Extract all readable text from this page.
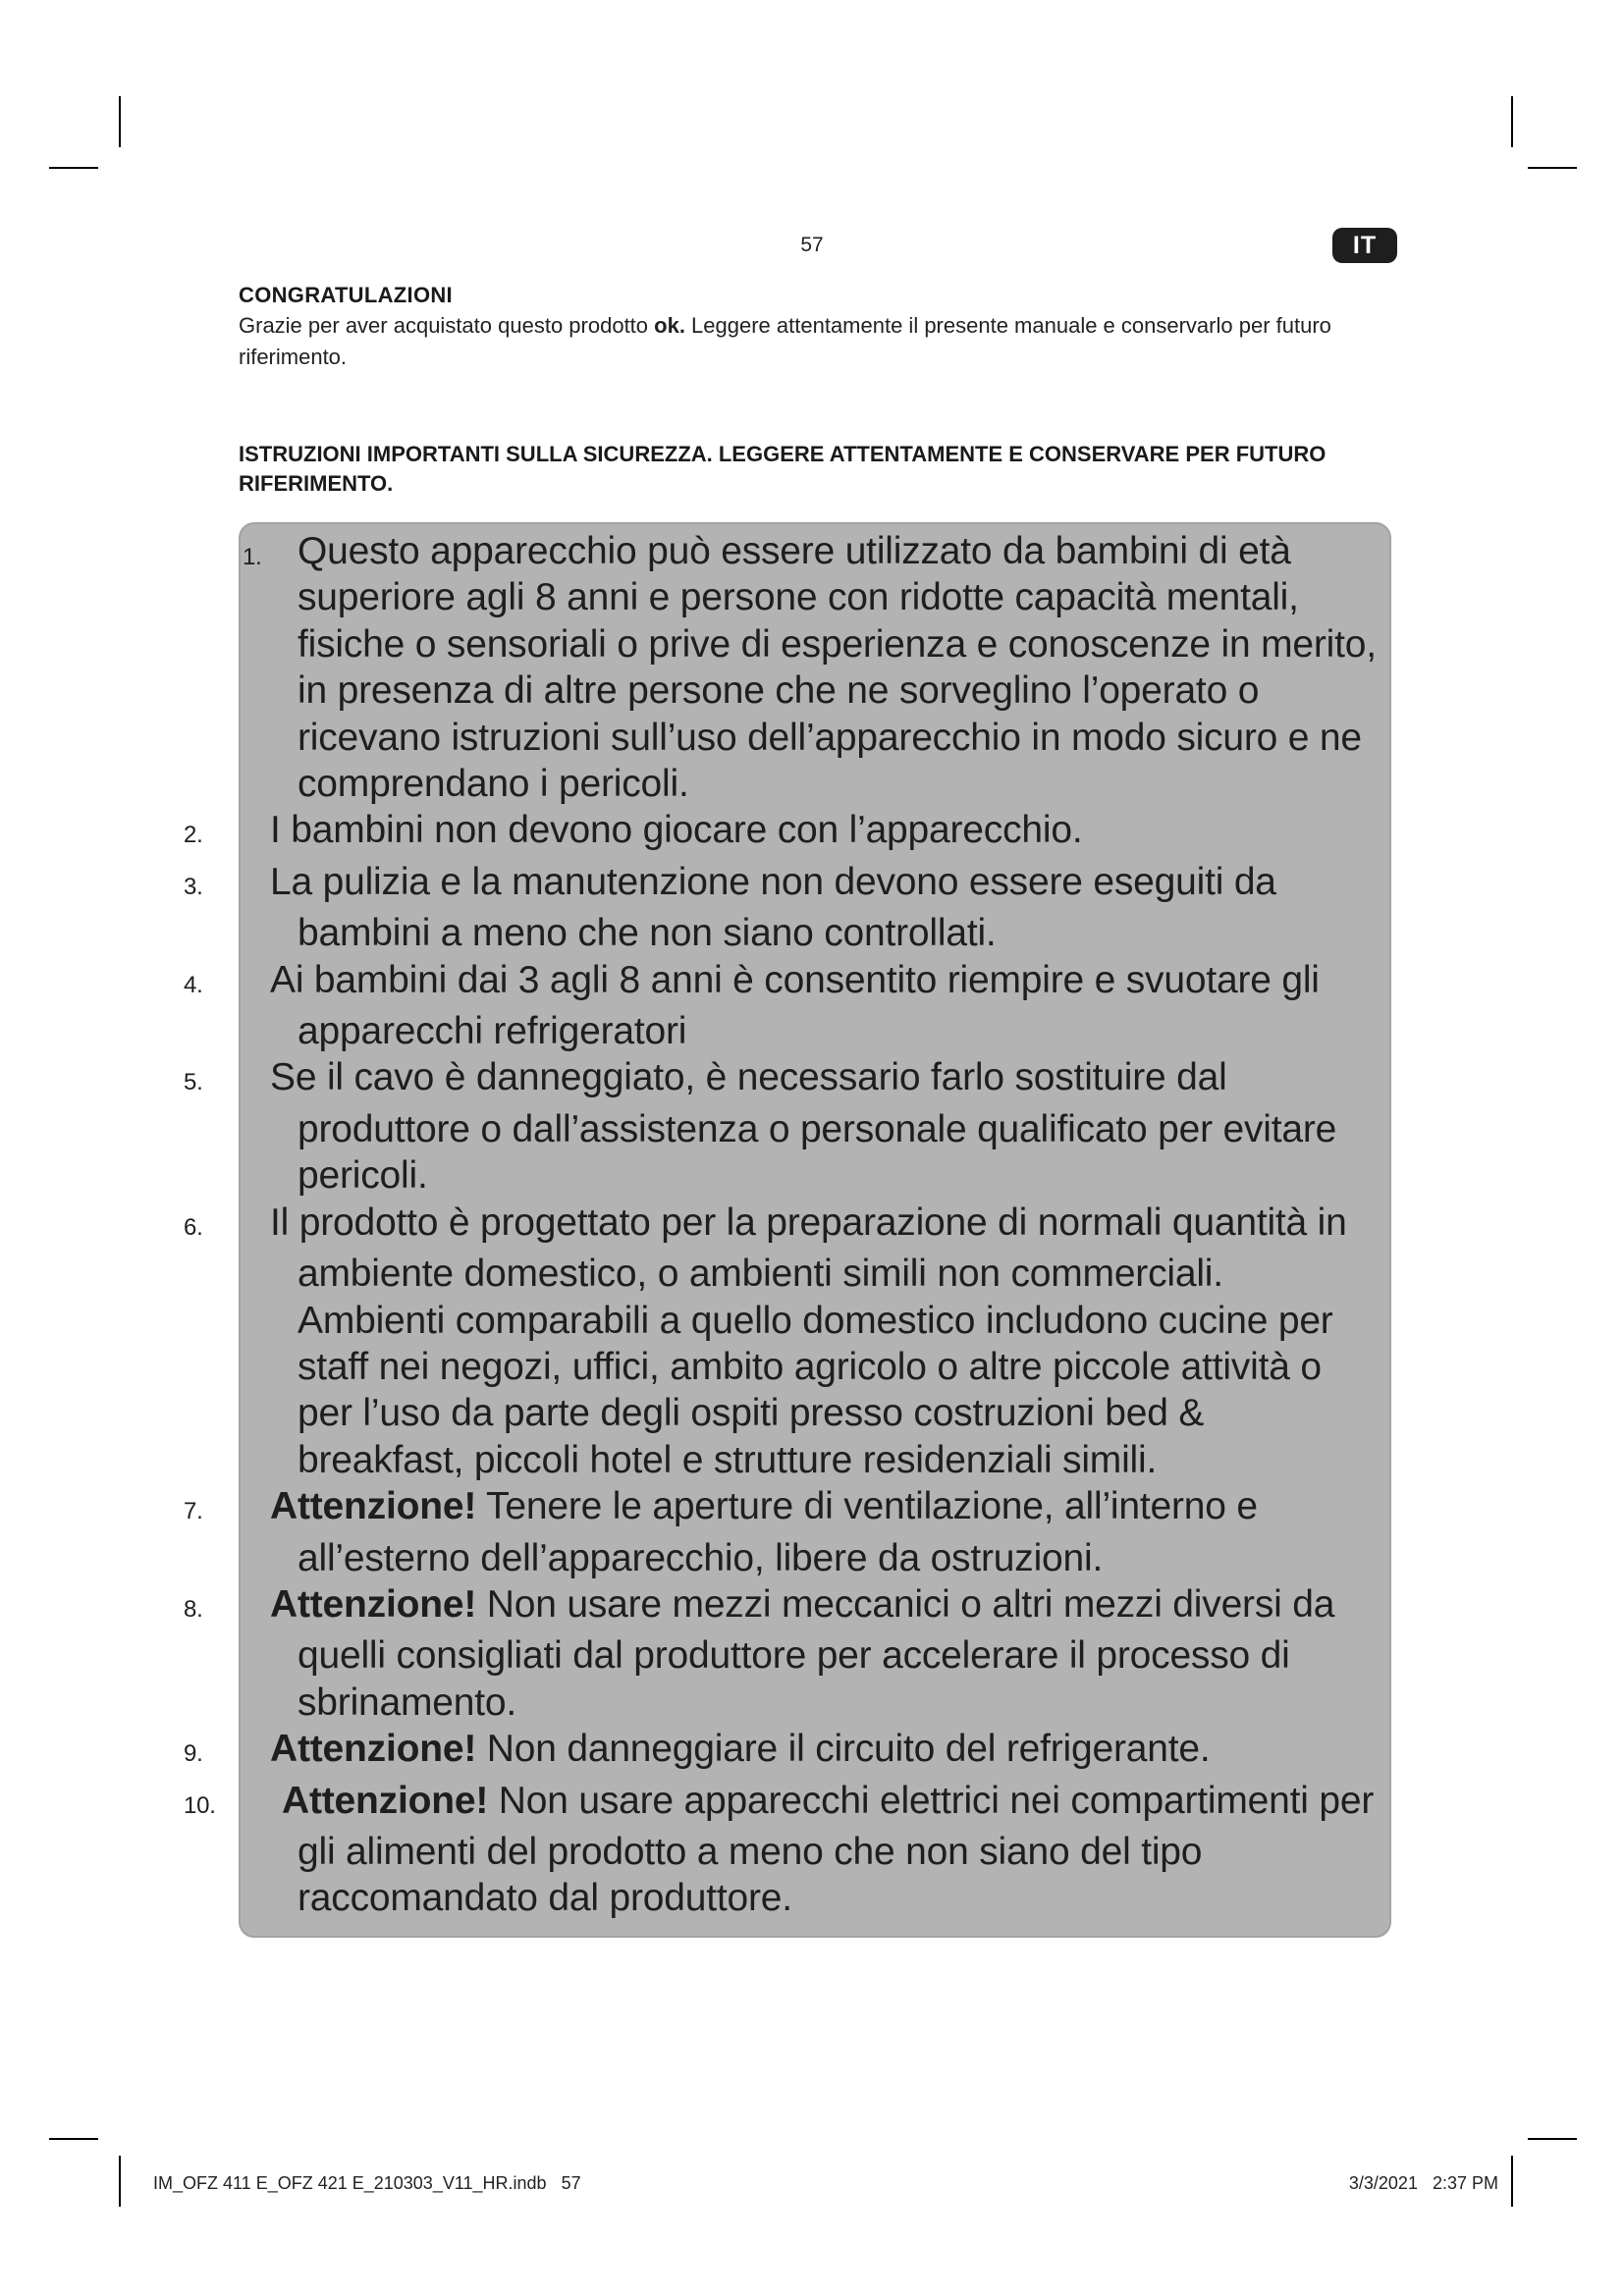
57	IT

CONGRATULAZIONI

Grazie per aver acquistato questo prodotto ok. Leggere attentamente il presente manuale e conservarlo per futuro riferimento.

ISTRUZIONI IMPORTANTI SULLA SICUREZZA. LEGGERE ATTENTAMENTE E CONSERVARE PER FUTURO RIFERIMENTO.

1. Questo apparecchio può essere utilizzato da bambini di età superiore agli 8 anni e persone con ridotte capacità mentali, fisiche o sensoriali o prive di esperienza e conoscenze in merito, in presenza di altre persone che ne sorveglino l’operato o ricevano istruzioni sull’uso dell’apparecchio in modo sicuro e ne comprendano i pericoli.
2. I bambini non devono giocare con l’apparecchio.
3. La pulizia e la manutenzione non devono essere eseguiti da bambini a meno che non siano controllati.
4. Ai bambini dai 3 agli 8 anni è consentito riempire e svuotare gli apparecchi refrigeratori
5. Se il cavo è danneggiato, è necessario farlo sostituire dal produttore o dall’assistenza o personale qualificato per evitare pericoli.
6. Il prodotto è progettato per la preparazione di normali quantità in ambiente domestico, o ambienti simili non commerciali. Ambienti comparabili a quello domestico includono cucine per staff nei negozi, uffici, ambito agricolo o altre piccole attività o per l’uso da parte degli ospiti presso costruzioni bed & breakfast, piccoli hotel e strutture residenziali simili.
7. Attenzione! Tenere le aperture di ventilazione, all’interno e all’esterno dell’apparecchio, libere da ostruzioni.
8. Attenzione! Non usare mezzi meccanici o altri mezzi diversi da quelli consigliati dal produttore per accelerare il processo di sbrinamento.
9. Attenzione! Non danneggiare il circuito del refrigerante.
10. Attenzione! Non usare apparecchi elettrici nei compartimenti per gli alimenti del prodotto a meno che non siano del tipo raccomandato dal produttore.
IM_OFZ 411 E_OFZ 421 E_210303_V11_HR.indb   57	3/3/2021   2:37 PM
